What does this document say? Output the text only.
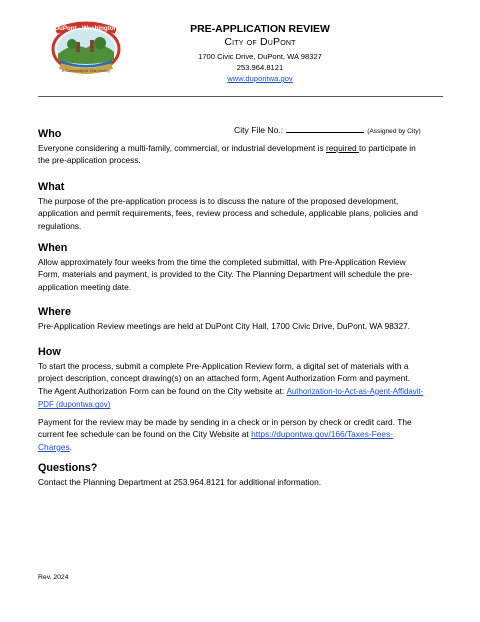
DuPont - Washington
A Community for 21st Century
PRE-APPLICATION REVIEW
City of DuPont
1700 Civic Drive, DuPont, WA 98327
253.964.8121
www.dupontwa.gov
City File No.:	(Assigned by City)
Who
Everyone considering a multi-family, commercial, or industrial development is required to participate in
the pre-application process.
What
The purpose of the pre-application process is to discuss the nature of the proposed development,
application and permit requirements, fees, review process and schedule, applicable plans, policies and
regulations.
When
Allow approximately four weeks from the time the completed submittal, with Pre-Application Review
Form, materials and payment, is provided to the City. The Planning Department will schedule the pre-
application meeting date.
Where
Pre-Application Review meetings are held at DuPont City Hall, 1700 Civic Drive, DuPont, WA 98327.
How
To start the process, submit a complete Pre-Application Review form, a digital set of materials with a
project description, concept drawing(s) on an attached form, Agent Authorization Form and payment.
The Agent Authorization Form can be found on the City website at: Authorization-to-Act-as-Agent-Affidavit-
PDF (dupontwa.gov)
Payment for the review may be made by sending in a check or in person by check or credit card. The
current fee schedule can be found on the City Website at https://dupontwa.gov/166/Taxes-Fees-
Charges.
Questions?
Contact the Planning Department at 253.964.8121 for additional information.
Rev. 2024
